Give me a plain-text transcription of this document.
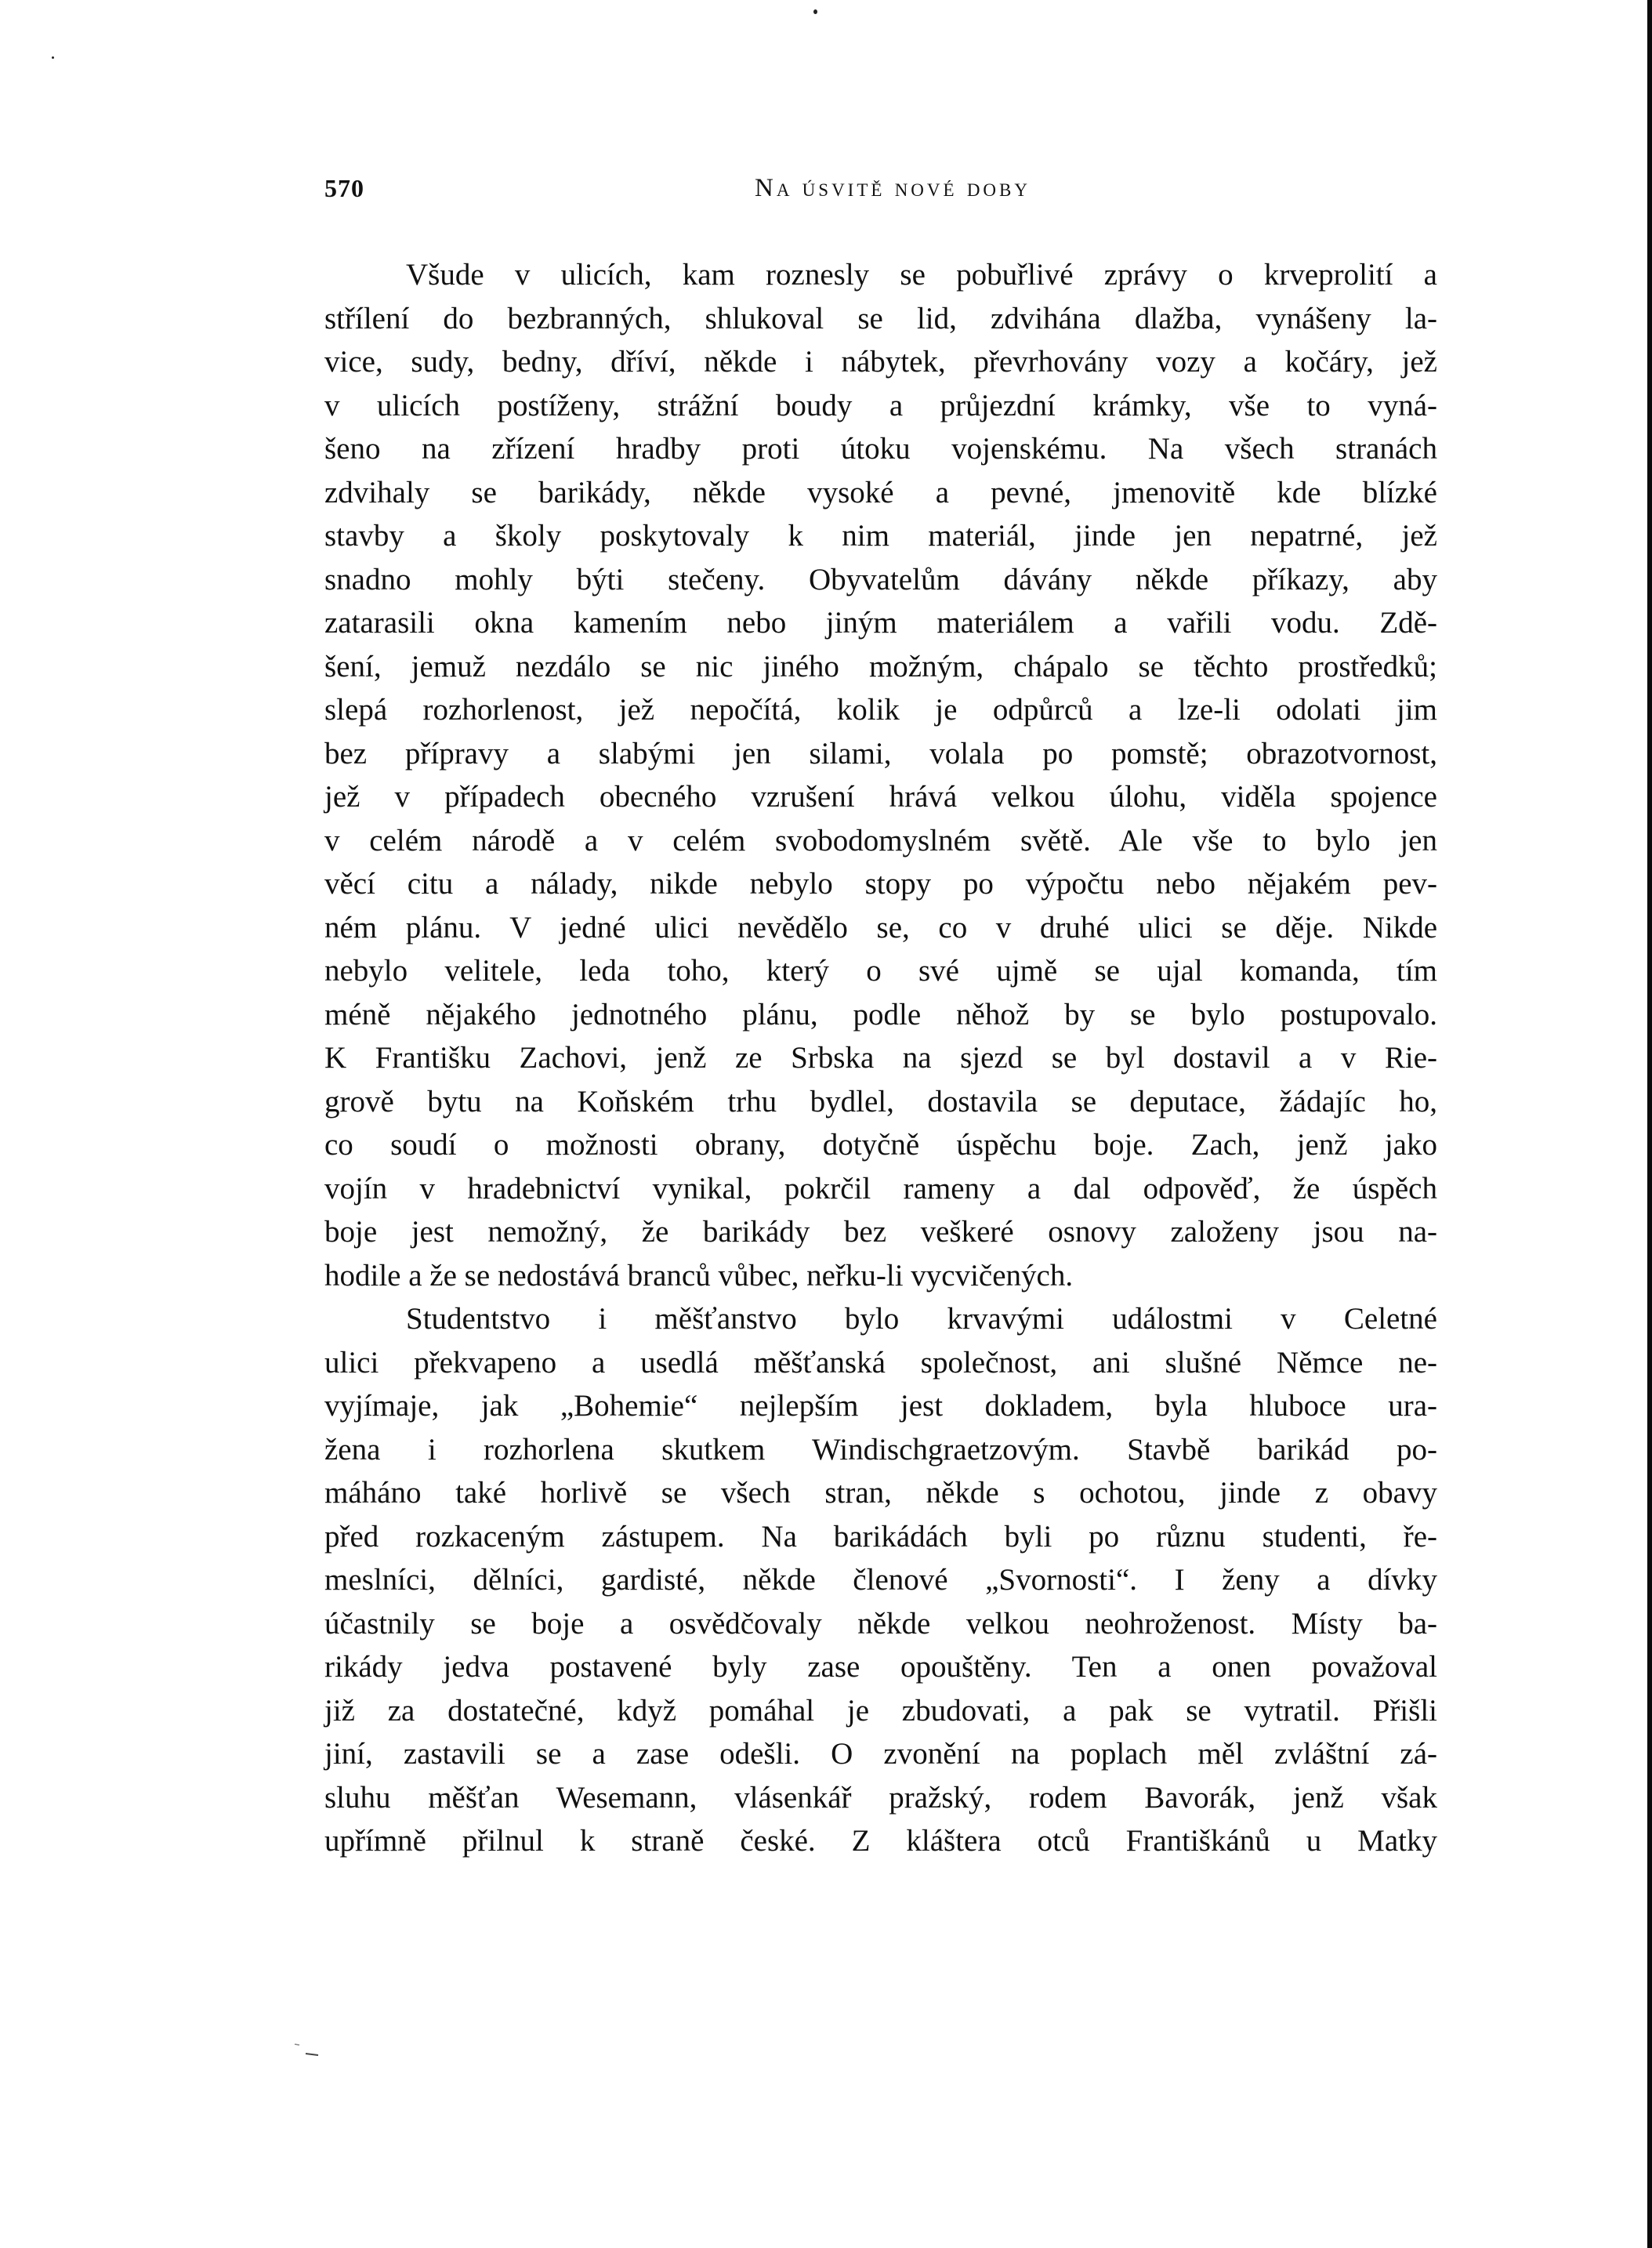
570	Na úsvitě nové doby
Všude v ulicích, kam roznesly se pobuřlivé zprávy o krveprolití a
střílení do bezbranných, shlukoval se lid, zdvihána dlažba, vynášeny la-
vice, sudy, bedny, dříví, někde i nábytek, převrhovány vozy a kočáry, jež
v ulicích postíženy, strážní boudy a průjezdní krámky, vše to vyná-
šeno na zřízení hradby proti útoku vojenskému. Na všech stranách
zdvihaly se barikády, někde vysoké a pevné, jmenovitě kde blízké
stavby a školy poskytovaly k nim materiál, jinde jen nepatrné, jež
snadno mohly býti stečeny. Obyvatelům dávány někde příkazy, aby
zatarasili okna kamením nebo jiným materiálem a vařili vodu. Zdě-
šení, jemuž nezdálo se nic jiného možným, chápalo se těchto prostředků;
slepá rozhorlenost, jež nepočítá, kolik je odpůrců a lze-li odolati jim
bez přípravy a slabými jen silami, volala po pomstě; obrazotvornost,
jež v případech obecného vzrušení hrává velkou úlohu, viděla spojence
v celém národě a v celém svobodomyslném světě. Ale vše to bylo jen
věcí citu a nálady, nikde nebylo stopy po výpočtu nebo nějakém pev-
ném plánu. V jedné ulici nevědělo se, co v druhé ulici se děje. Nikde
nebylo velitele, leda toho, který o své ujmě se ujal komanda, tím
méně nějakého jednotného plánu, podle něhož by se bylo postupovalo.
K Františku Zachovi, jenž ze Srbska na sjezd se byl dostavil a v Rie-
grově bytu na Koňském trhu bydlel, dostavila se deputace, žádajíc ho,
co soudí o možnosti obrany, dotyčně úspěchu boje. Zach, jenž jako
vojín v hradebnictví vynikal, pokrčil rameny a dal odpověď, že úspěch
boje jest nemožný, že barikády bez veškeré osnovy založeny jsou na-
hodile a že se nedostává branců vůbec, neřku-li vycvičených.
Studentstvo i měšťanstvo bylo krvavými událostmi v Celetné
ulici překvapeno a usedlá měšťanská společnost, ani slušné Němce ne-
vyjímaje, jak „Bohemie“ nejlepším jest dokladem, byla hluboce ura-
žena i rozhorlena skutkem Windischgraetzovým. Stavbě barikád po-
máháno také horlivě se všech stran, někde s ochotou, jinde z obavy
před rozkaceným zástupem. Na barikádách byli po různu studenti, ře-
meslníci, dělníci, gardisté, někde členové „Svornosti“. I ženy a dívky
účastnily se boje a osvědčovaly někde velkou neohroženost. Místy ba-
rikády jedva postavené byly zase opouštěny. Ten a onen považoval
již za dostatečné, když pomáhal je zbudovati, a pak se vytratil. Přišli
jiní, zastavili se a zase odešli. O zvonění na poplach měl zvláštní zá-
sluhu měšťan Wesemann, vlásenkář pražský, rodem Bavorák, jenž však
upřímně přilnul k straně české. Z kláštera otců Františkánů u Matky
